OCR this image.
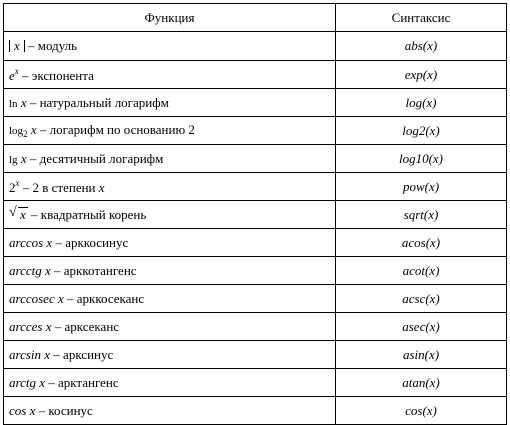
Функция	Синтаксис
x – модуль	abs(x)
$e^x$ – экспонента	exp(x)
ln x – натуральный логарифм	log(x)
$\log_2 x$ – логарифм по основанию 2	log2(x)
lg x – десятичный логарифм	log10(x)
2$^x$ – 2 в степени x	pow(x)

√ x – квадратный корень	sqrt(x)
arccos x – арккосинус	acos(x)
arcctg x – арккотангенс	acot(x)
arccosec x – арккосеканс	acsc(x)
arcces x – арксеканс	asec(x)
arcsin x – арксинус	asin(x)
arctg x – арктангенс	atan(x)
cos x – косинус	cos(x)
